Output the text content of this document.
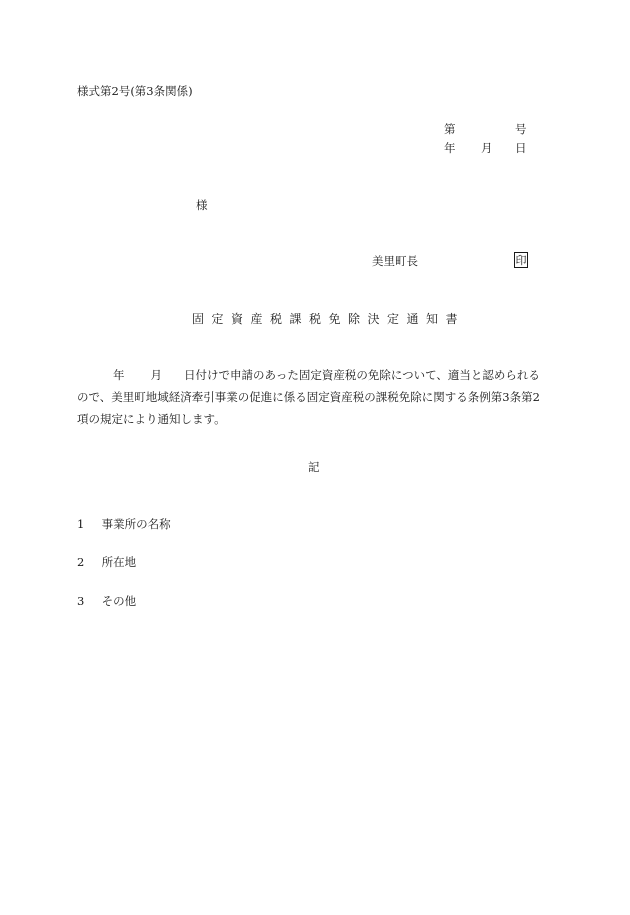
様式第2号(第3条関係)
第	号
年 月 日
様
美里町長	印
固定資産税課税免除決定通知書
年 月 日付けで申請のあった固定資産税の免除について、適当と認められる
ので、美里町地域経済牽引事業の促進に係る固定資産税の課税免除に関する条例第3条第2
項の規定により通知します。
記
1 事業所の名称
2 所在地
3 その他
